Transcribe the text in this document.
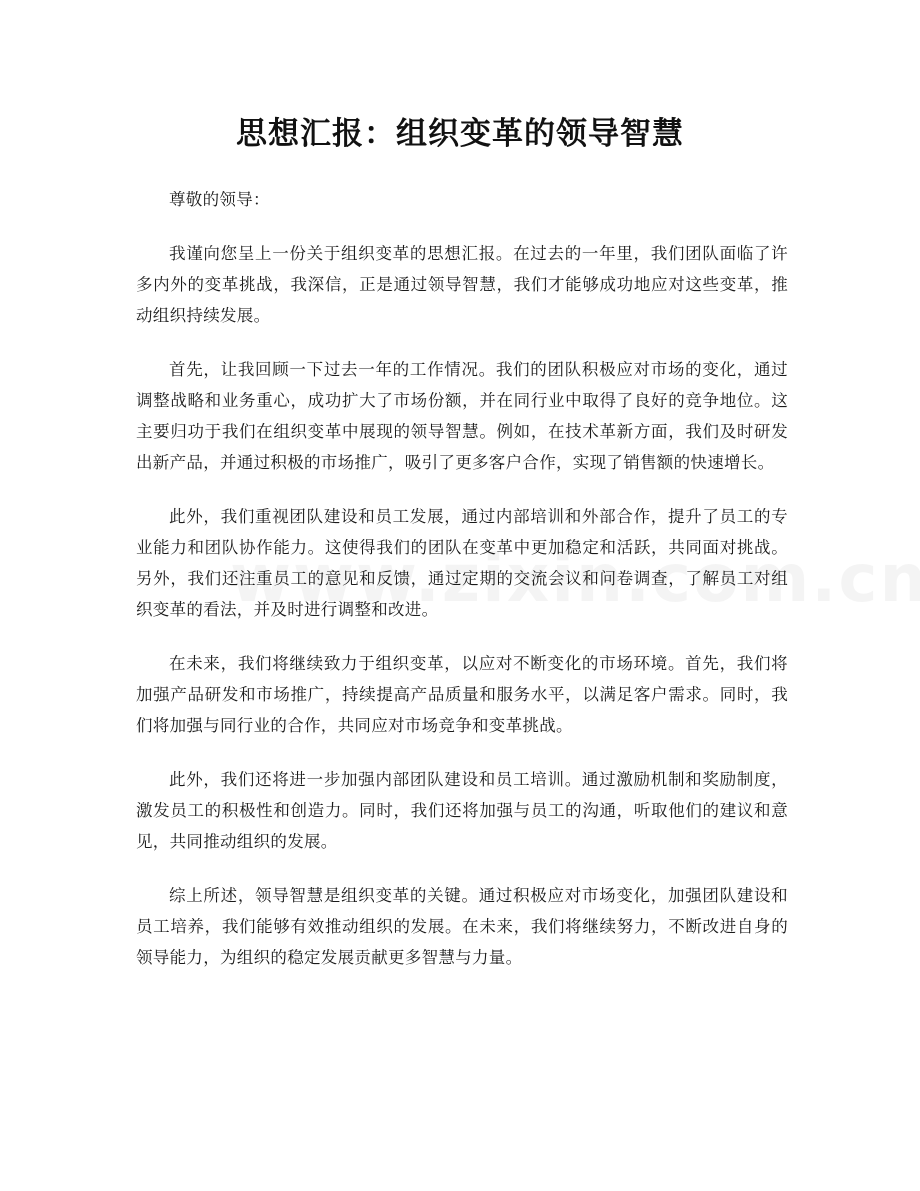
思想汇报：组织变革的领导智慧

尊敬的领导：

我谨向您呈上一份关于组织变革的思想汇报。在过去的一年里，我们团队面临了许多内外的变革挑战，我深信，正是通过领导智慧，我们才能够成功地应对这些变革，推动组织持续发展。

首先，让我回顾一下过去一年的工作情况。我们的团队积极应对市场的变化，通过调整战略和业务重心，成功扩大了市场份额，并在同行业中取得了良好的竞争地位。这主要归功于我们在组织变革中展现的领导智慧。例如，在技术革新方面，我们及时研发出新产品，并通过积极的市场推广，吸引了更多客户合作，实现了销售额的快速增长。

此外，我们重视团队建设和员工发展，通过内部培训和外部合作，提升了员工的专业能力和团队协作能力。这使得我们的团队在变革中更加稳定和活跃，共同面对挑战。另外，我们还注重员工的意见和反馈，通过定期的交流会议和问卷调查，了解员工对组织变革的看法，并及时进行调整和改进。

在未来，我们将继续致力于组织变革，以应对不断变化的市场环境。首先，我们将加强产品研发和市场推广，持续提高产品质量和服务水平，以满足客户需求。同时，我们将加强与同行业的合作，共同应对市场竞争和变革挑战。

此外，我们还将进一步加强内部团队建设和员工培训。通过激励机制和奖励制度，激发员工的积极性和创造力。同时，我们还将加强与员工的沟通，听取他们的建议和意见，共同推动组织的发展。

综上所述，领导智慧是组织变革的关键。通过积极应对市场变化，加强团队建设和员工培养，我们能够有效推动组织的发展。在未来，我们将继续努力，不断改进自身的领导能力，为组织的稳定发展贡献更多智慧与力量。
